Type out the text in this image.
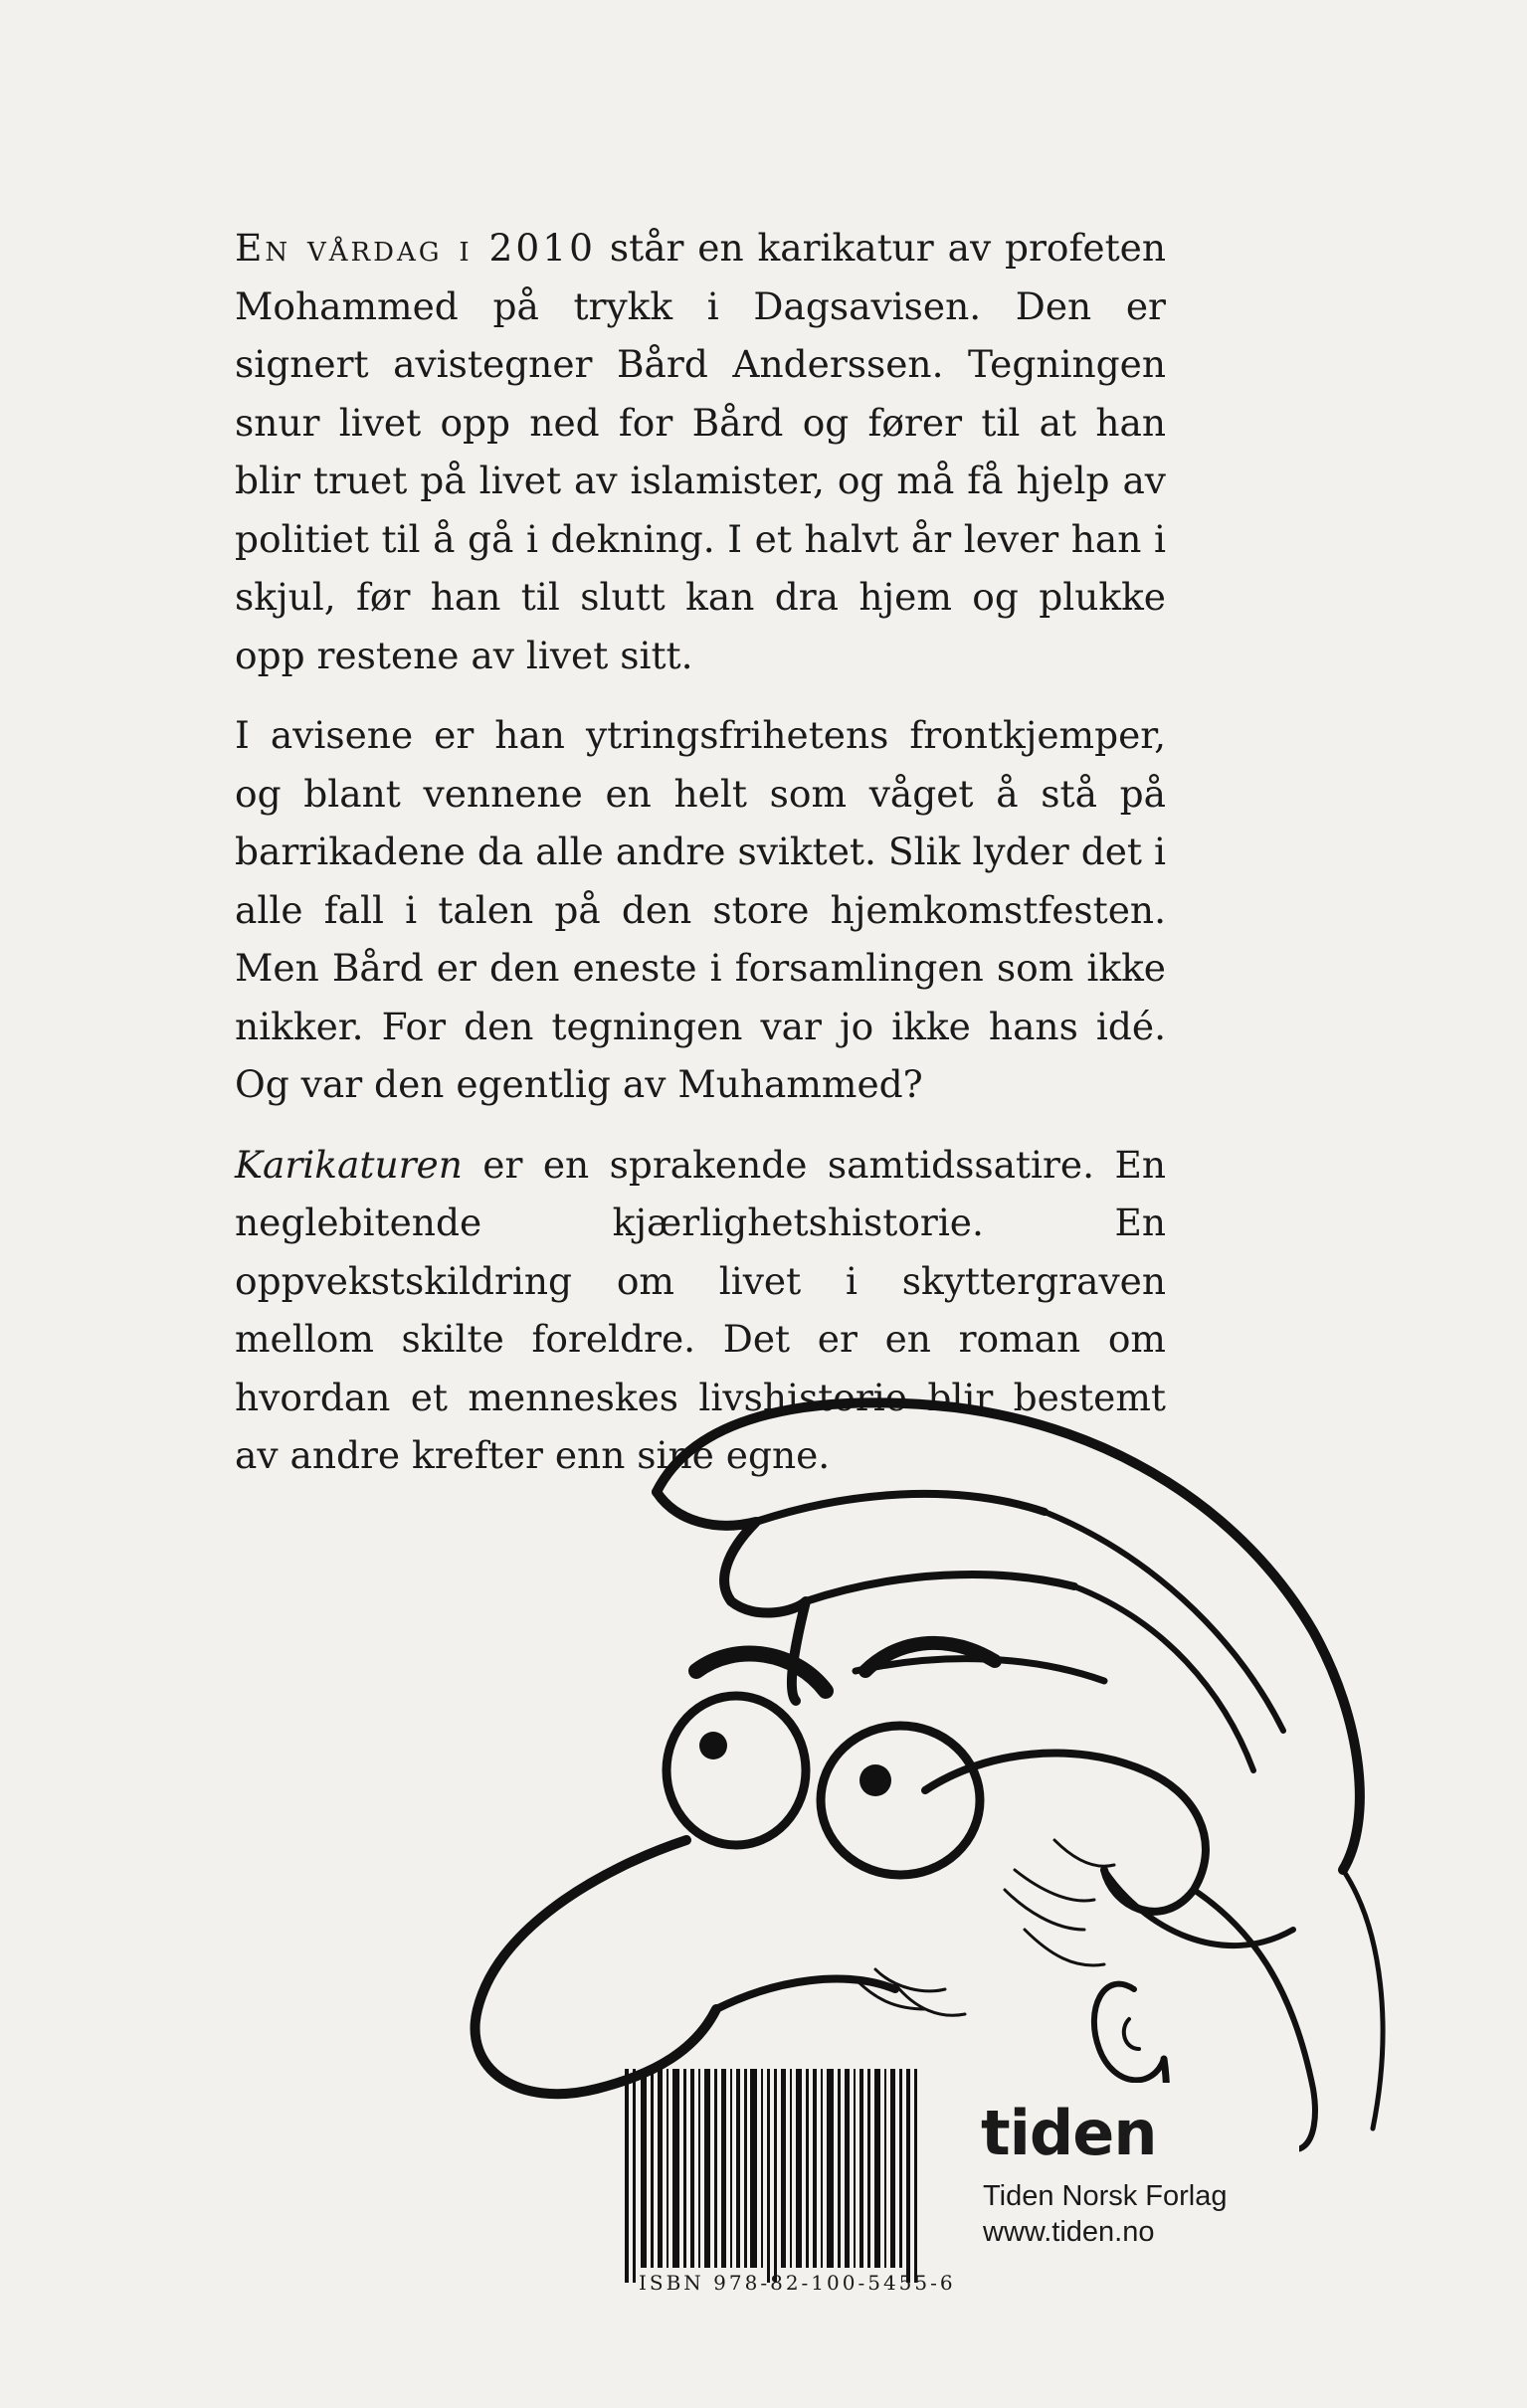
En vårdag i 2010 står en karikatur av profeten Mohammed på trykk i Dagsavisen. Den er signert avistegner Bård Anderssen. Tegningen snur livet opp ned for Bård og fører til at han blir truet på livet av islamister, og må få hjelp av politiet til å gå i dekning. I et halvt år lever han i skjul, før han til slutt kan dra hjem og plukke opp restene av livet sitt.

I avisene er han ytringsfrihetens frontkjemper, og blant vennene en helt som våget å stå på barrikadene da alle andre sviktet. Slik lyder det i alle fall i talen på den store hjemkomstfesten. Men Bård er den eneste i forsamlingen som ikke nikker. For den tegningen var jo ikke hans idé. Og var den egentlig av Muhammed?

Karikaturen er en sprakende samtidssatire. En neglebitende kjærlighetshistorie. En oppvekstskildring om livet i skyttergraven mellom skilte foreldre. Det er en roman om hvordan et menneskes livshistorie blir bestemt av andre krefter enn sine egne.

ISBN 978-82-100-5455-6
tiden
Tiden Norsk Forlag
www.tiden.no
